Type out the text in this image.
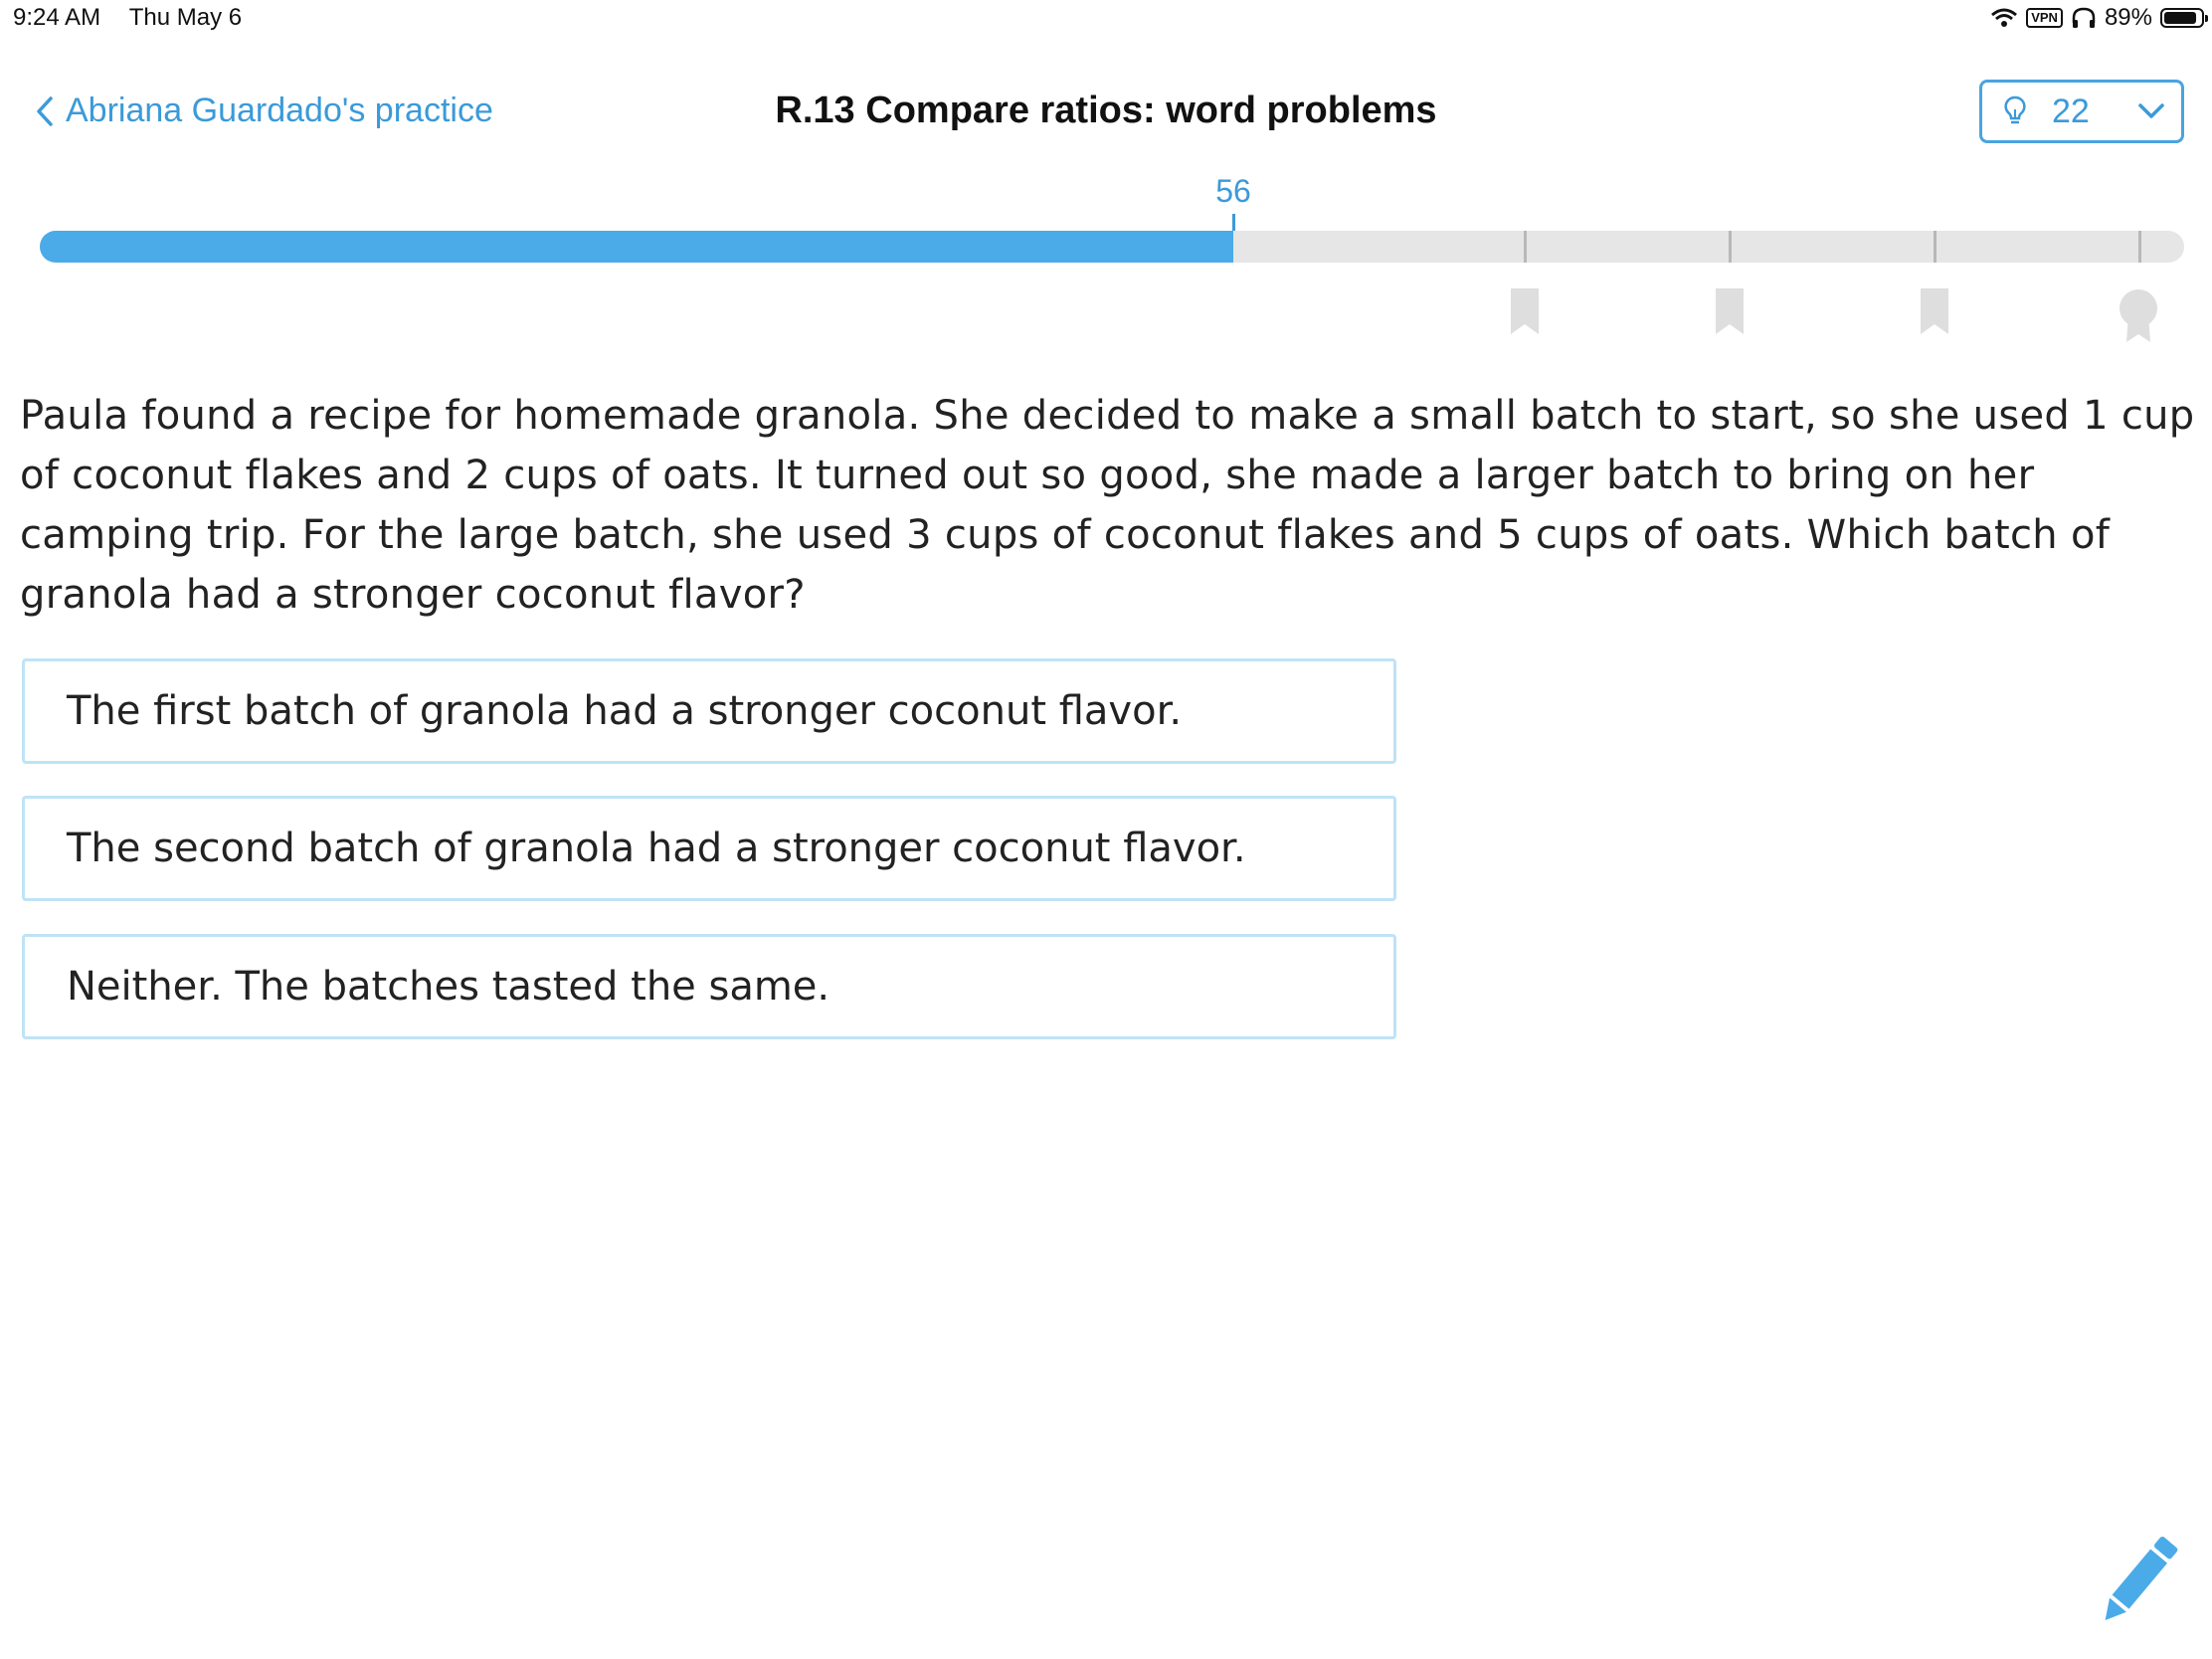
9:24 AM Thu May 6	VPN 89%
Abriana Guardado's practice	R.13 Compare ratios: word problems	22
56
Paula found a recipe for homemade granola. She decided to make a small batch to start, so she used 1 cup of coconut flakes and 2 cups of oats. It turned out so good, she made a larger batch to bring on her camping trip. For the large batch, she used 3 cups of coconut flakes and 5 cups of oats. Which batch of granola had a stronger coconut flavor?
The first batch of granola had a stronger coconut flavor.
The second batch of granola had a stronger coconut flavor.
Neither. The batches tasted the same.
